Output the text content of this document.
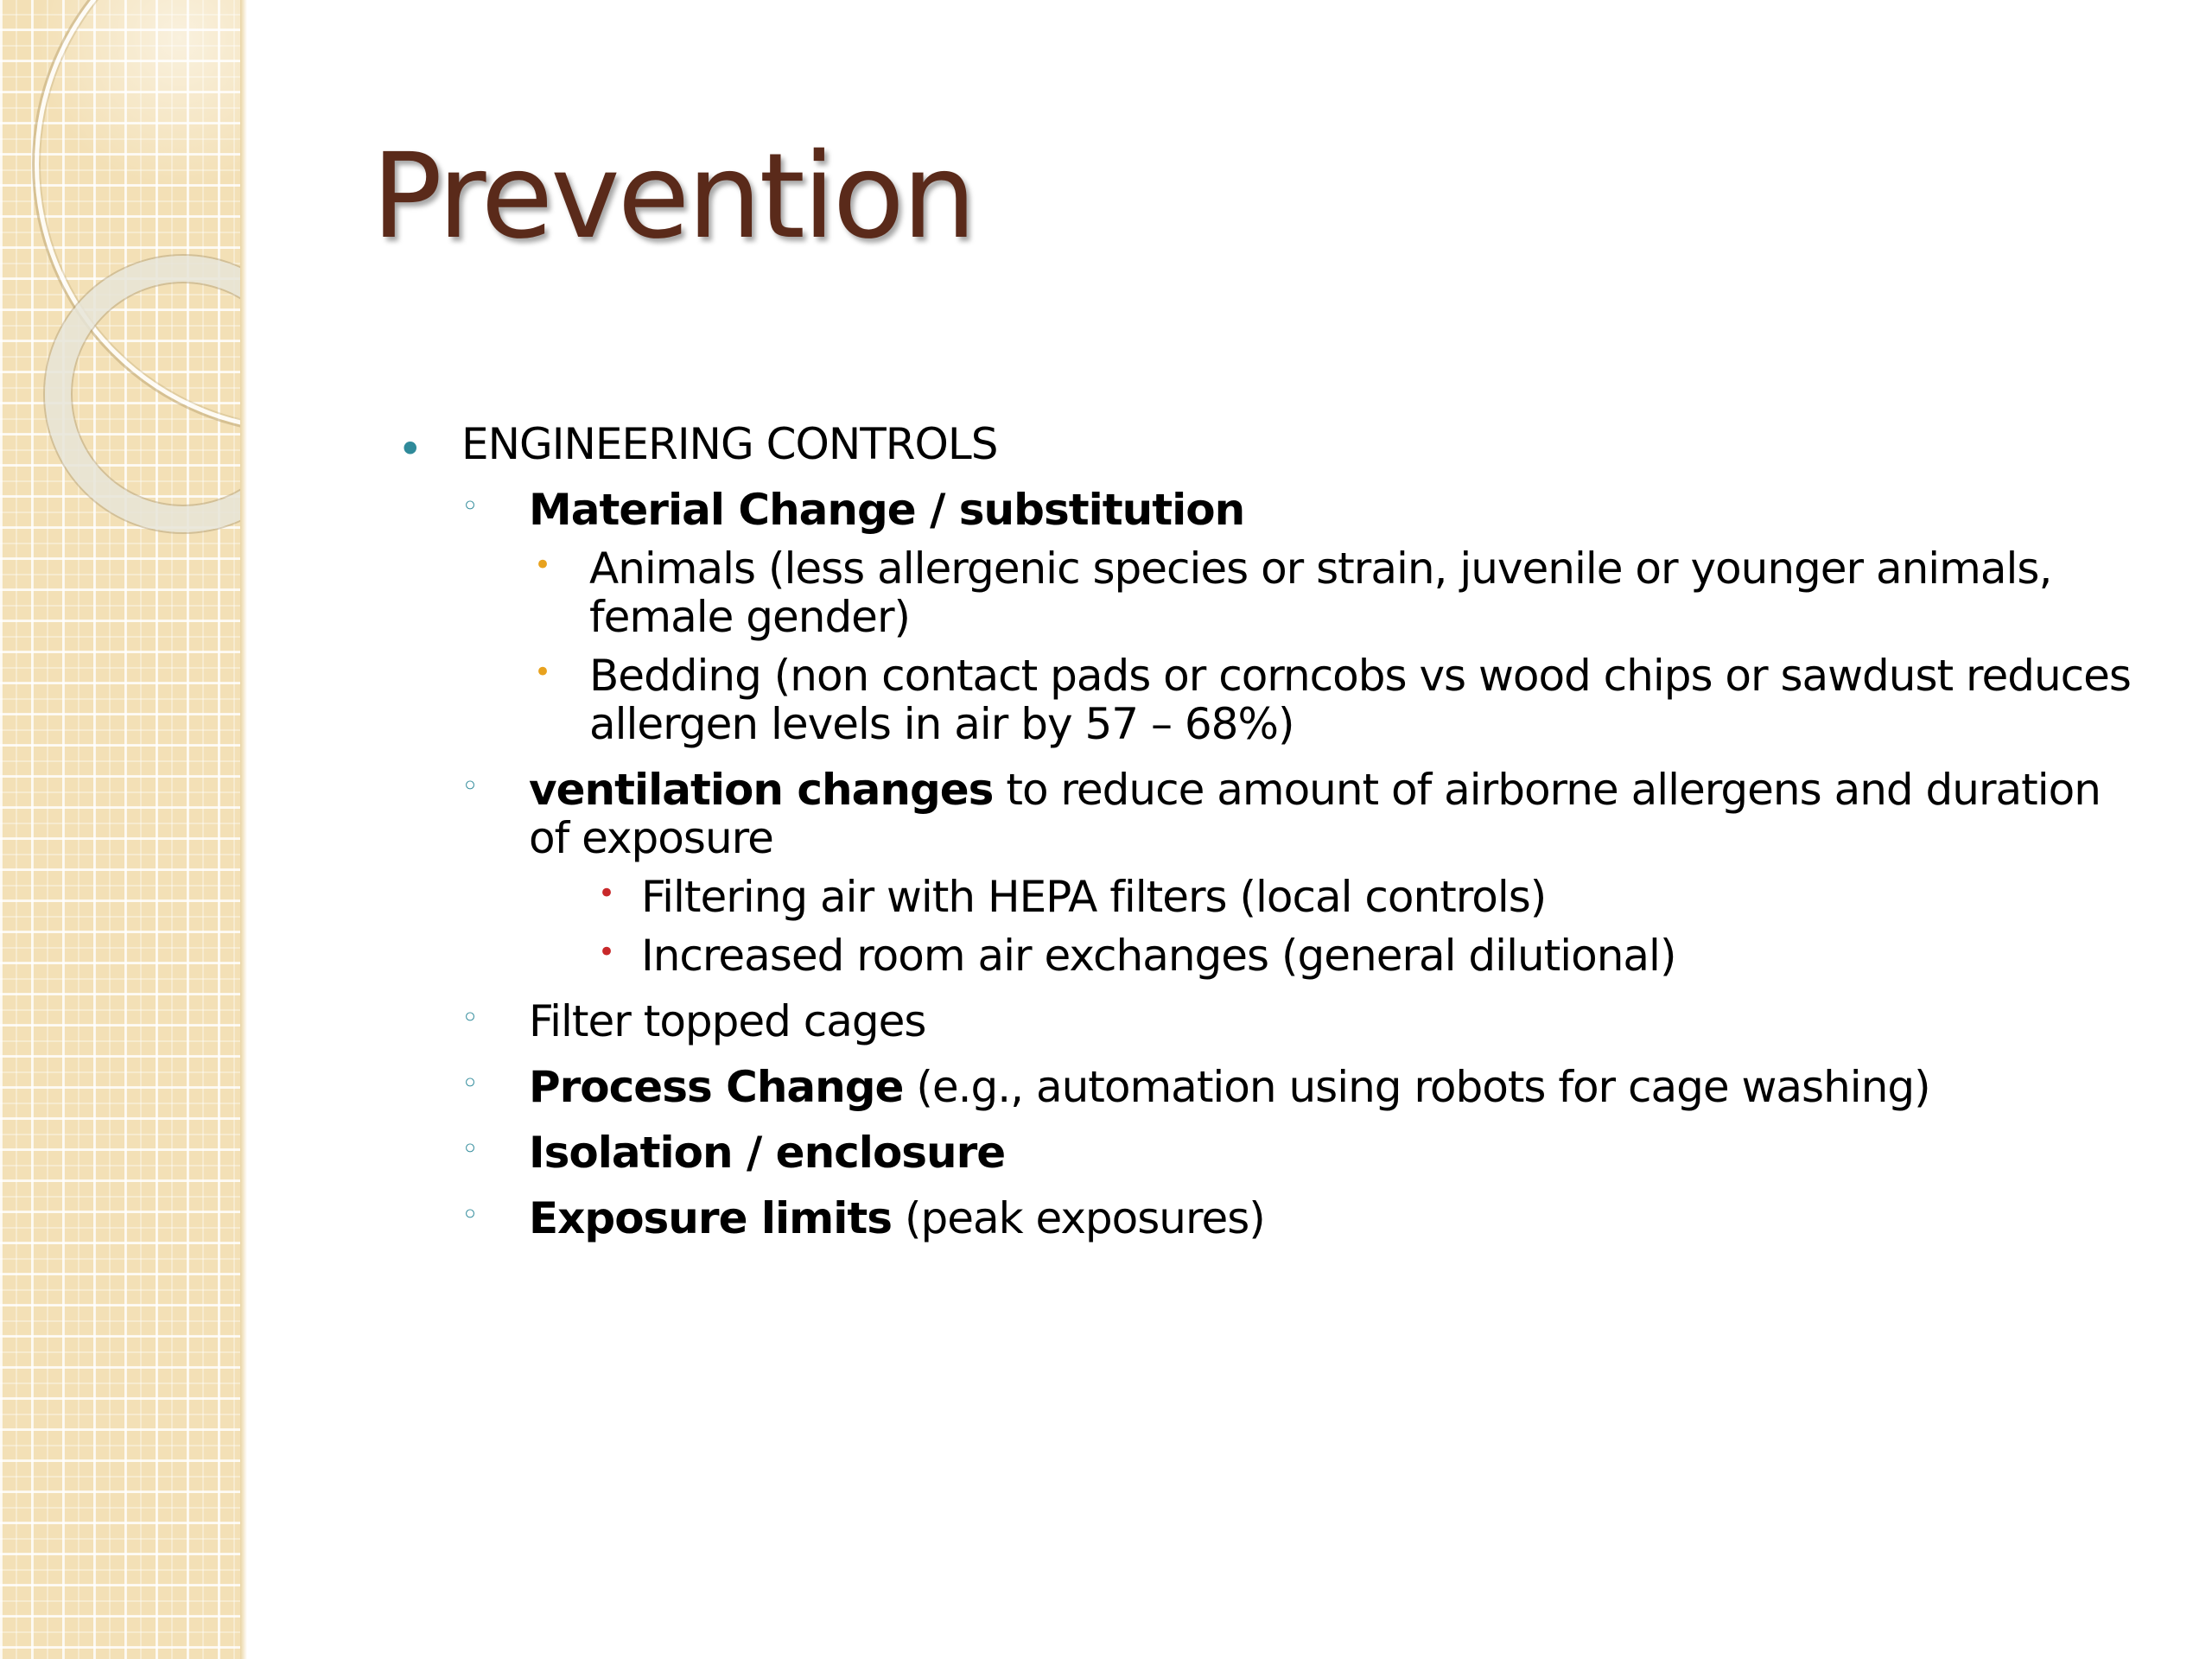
Prevention
• ENGINEERING CONTROLS
◦ Material Change / substitution
• Animals (less allergenic species or strain, juvenile or younger animals, female gender)
• Bedding (non contact pads or corncobs vs wood chips or sawdust reduces allergen levels in air by 57 – 68%)
◦ ventilation changes to reduce amount of airborne allergens and duration of exposure
• Filtering air with HEPA filters (local controls)
• Increased room air exchanges (general dilutional)
◦ Filter topped cages
◦ Process Change (e.g., automation using robots for cage washing)
◦ Isolation / enclosure
◦ Exposure limits (peak exposures)
